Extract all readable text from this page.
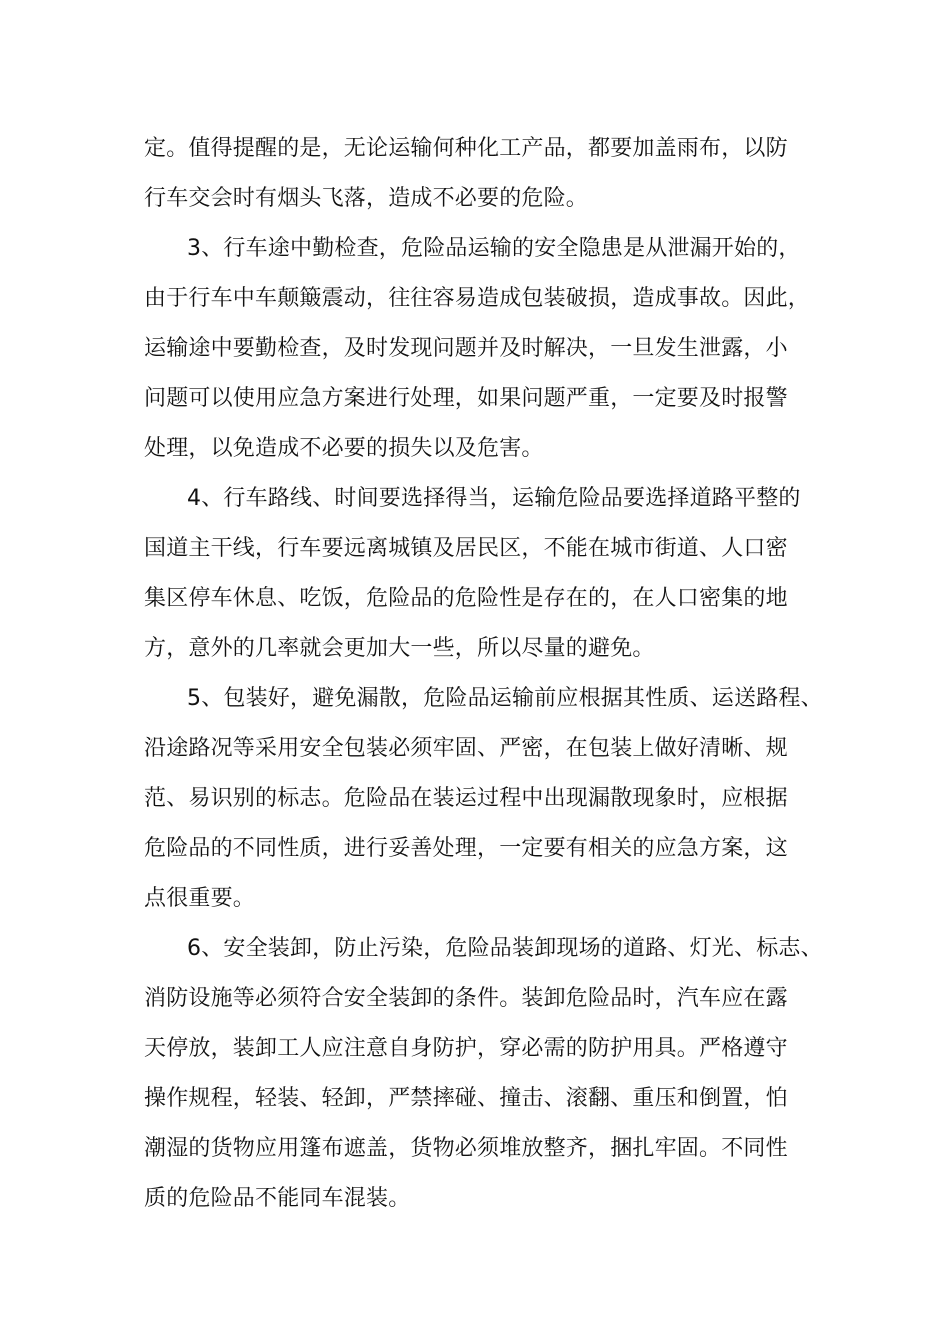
定。值得提醒的是，无论运输何种化工产品，都要加盖雨布，以防
行车交会时有烟头飞落，造成不必要的危险。
3、行车途中勤检查，危险品运输的安全隐患是从泄漏开始的，
由于行车中车颠簸震动，往往容易造成包装破损，造成事故。因此，
运输途中要勤检查，及时发现问题并及时解决，一旦发生泄露，小
问题可以使用应急方案进行处理，如果问题严重，一定要及时报警
处理，以免造成不必要的损失以及危害。
4、行车路线、时间要选择得当，运输危险品要选择道路平整的
国道主干线，行车要远离城镇及居民区，不能在城市街道、人口密
集区停车休息、吃饭，危险品的危险性是存在的，在人口密集的地
方，意外的几率就会更加大一些，所以尽量的避免。
5、包装好，避免漏散，危险品运输前应根据其性质、运送路程、
沿途路况等采用安全包装必须牢固、严密，在包装上做好清晰、规
范、易识别的标志。危险品在装运过程中出现漏散现象时，应根据
危险品的不同性质，进行妥善处理，一定要有相关的应急方案，这
点很重要。
6、安全装卸，防止污染，危险品装卸现场的道路、灯光、标志、
消防设施等必须符合安全装卸的条件。装卸危险品时，汽车应在露
天停放，装卸工人应注意自身防护，穿必需的防护用具。严格遵守
操作规程，轻装、轻卸，严禁摔碰、撞击、滚翻、重压和倒置，怕
潮湿的货物应用篷布遮盖，货物必须堆放整齐，捆扎牢固。不同性
质的危险品不能同车混装。
